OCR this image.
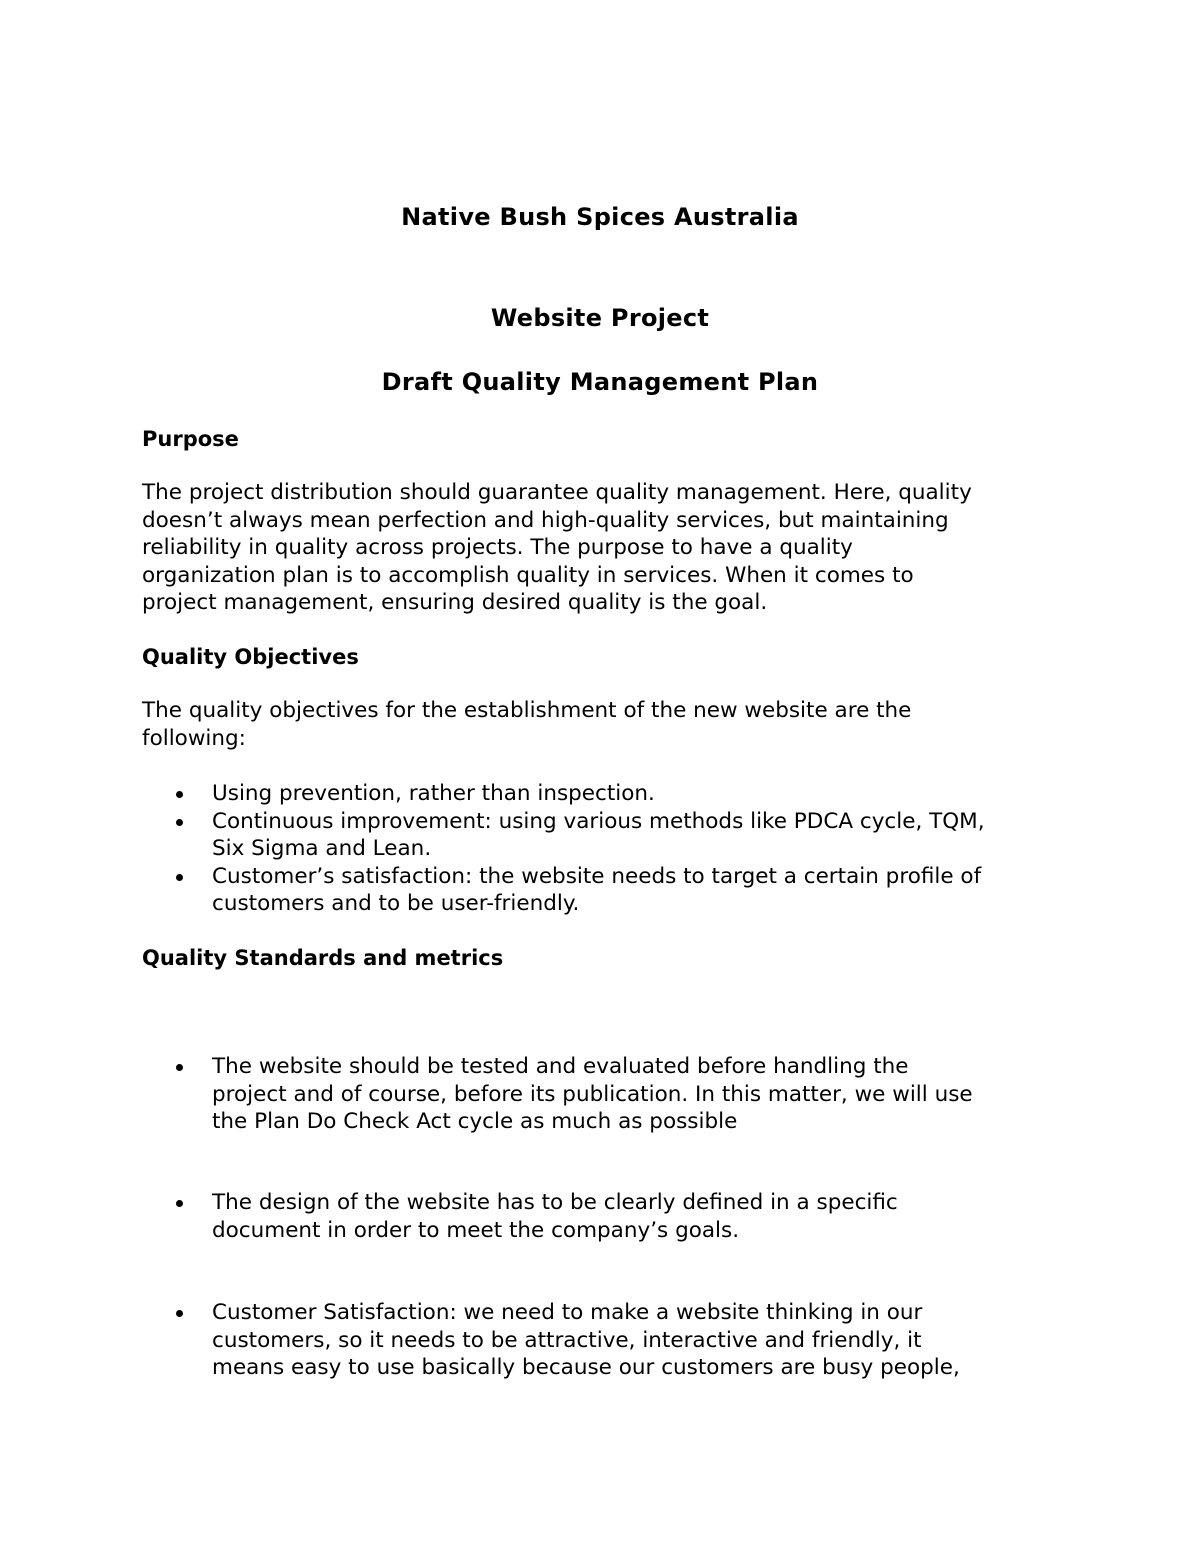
Native Bush Spices Australia
Website Project
Draft Quality Management Plan
Purpose
The project distribution should guarantee quality management. Here, quality
doesn’t always mean perfection and high-quality services, but maintaining
reliability in quality across projects. The purpose to have a quality
organization plan is to accomplish quality in services. When it comes to
project management, ensuring desired quality is the goal.
Quality Objectives
The quality objectives for the establishment of the new website are the
following:
Using prevention, rather than inspection.
Continuous improvement: using various methods like PDCA cycle, TQM,
Six Sigma and Lean.
Customer’s satisfaction: the website needs to target a certain profile of
customers and to be user-friendly.
Quality Standards and metrics
The website should be tested and evaluated before handling the
project and of course, before its publication. In this matter, we will use
the Plan Do Check Act cycle as much as possible
The design of the website has to be clearly defined in a specific
document in order to meet the company’s goals.
Customer Satisfaction: we need to make a website thinking in our
customers, so it needs to be attractive, interactive and friendly, it
means easy to use basically because our customers are busy people,
